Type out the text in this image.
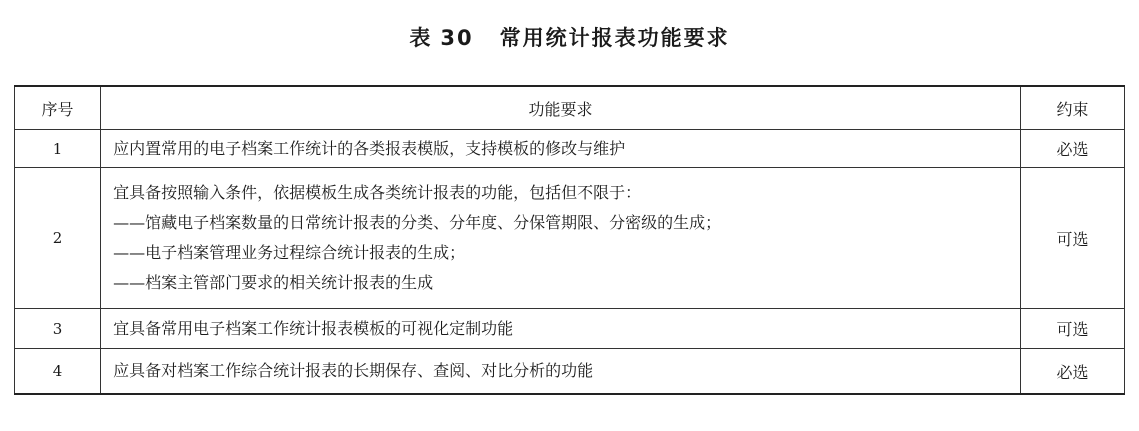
表 30 常用统计报表功能要求
序号	功能要求	约束
1	应内置常用的电子档案工作统计的各类报表模版，支持模板的修改与维护	必选
2	宜具备按照输入条件，依据模板生成各类统计报表的功能，包括但不限于：
——馆藏电子档案数量的日常统计报表的分类、分年度、分保管期限、分密级的生成；
——电子档案管理业务过程综合统计报表的生成；
——档案主管部门要求的相关统计报表的生成	可选
3	宜具备常用电子档案工作统计报表模板的可视化定制功能	可选
4	应具备对档案工作综合统计报表的长期保存、查阅、对比分析的功能	必选
